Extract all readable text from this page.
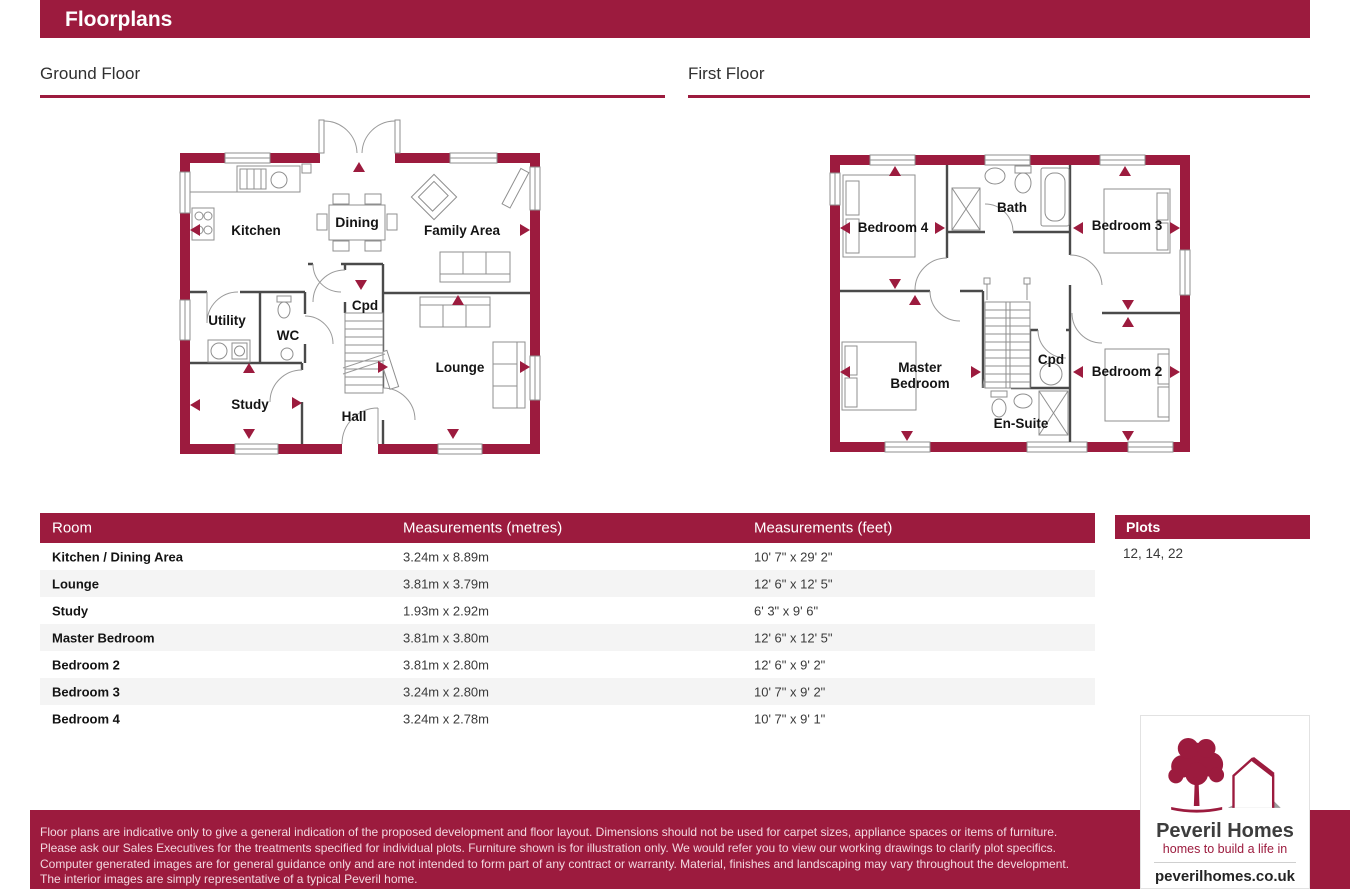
Floorplans
Ground Floor	First Floor
Kitchen
Dining
Family Area
Utility
WC
Cpd
Lounge
Study
Hall
Bedroom 4
Bath
Bedroom 3
Master
Bedroom
Cpd
Bedroom 2
En-Suite
Room	Measurements (metres)	Measurements (feet)
Kitchen / Dining Area	3.24m x 8.89m	10' 7" x 29' 2"
Lounge	3.81m x 3.79m	12' 6" x 12' 5"
Study	1.93m x 2.92m	6' 3" x 9' 6"
Master Bedroom	3.81m x 3.80m	12' 6" x 12' 5"
Bedroom 2	3.81m x 2.80m	12' 6" x 9' 2"
Bedroom 3	3.24m x 2.80m	10' 7" x 9' 2"
Bedroom 4	3.24m x 2.78m	10' 7" x 9' 1"
Plots
12, 14, 22
Floor plans are indicative only to give a general indication of the proposed development and floor layout. Dimensions should not be used for carpet sizes, appliance spaces or items of furniture.
Please ask our Sales Executives for the treatments specified for individual plots. Furniture shown is for illustration only. We would refer you to view our working drawings to clarify plot specifics.
Computer generated images are for general guidance only and are not intended to form part of any contract or warranty. Material, finishes and landscaping may vary throughout the development.
The interior images are simply representative of a typical Peveril home.
Peveril Homes
homes to build a life in
peverilhomes.co.uk
